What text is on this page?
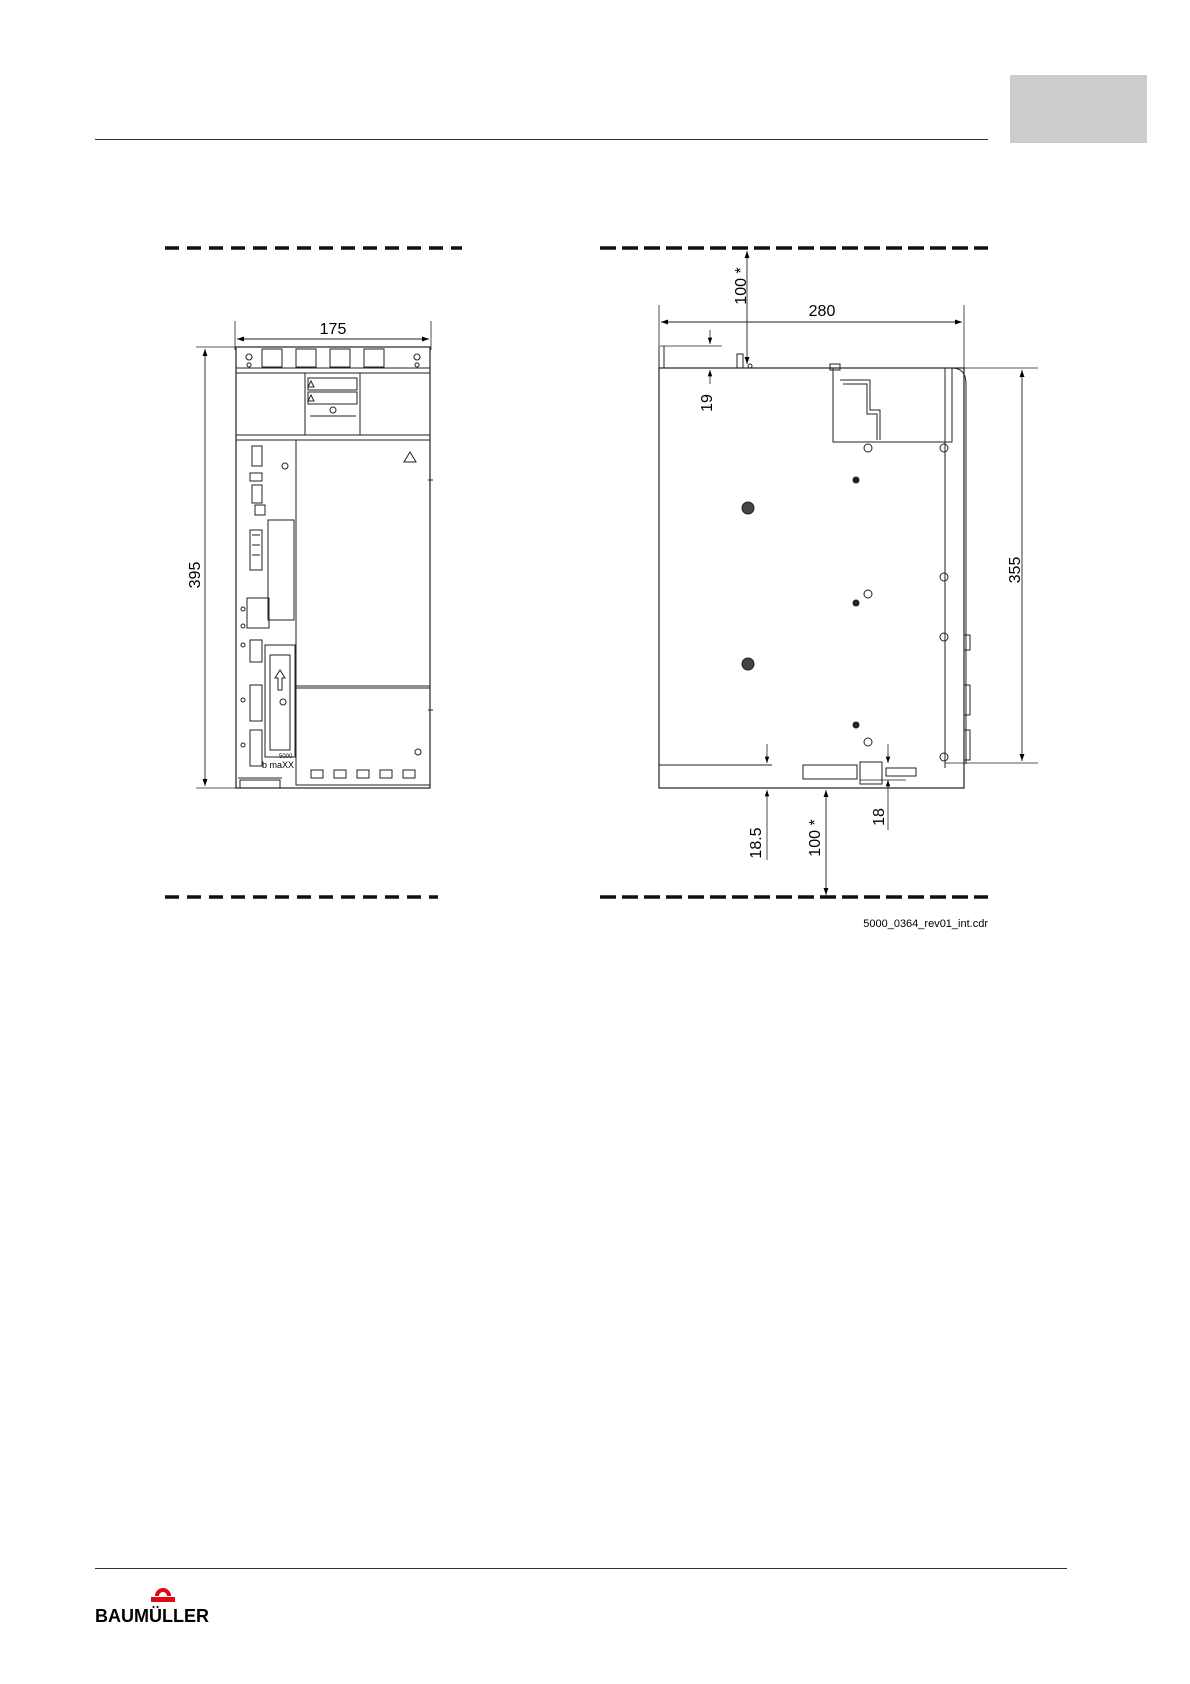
175
395
5000
b maXX
100 *
280
19
355
18.5	100 *
18
5000_0364_rev01_int.cdr
BAUMÜLLER
